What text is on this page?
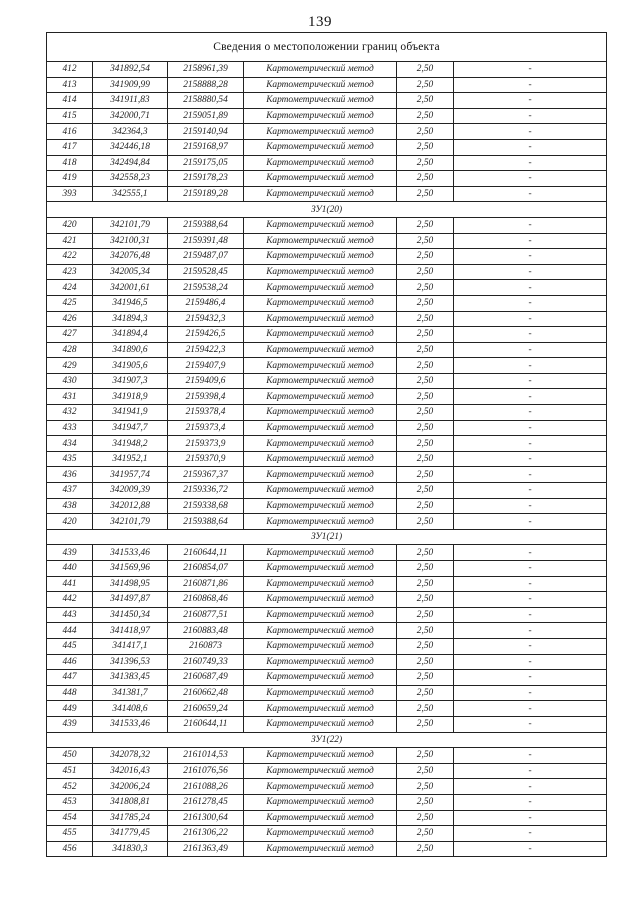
139
Сведения о местоположении границ объекта					
412	341892,54	2158961,39	Картометрический метод	2,50	-
413	341909,99	2158888,28	Картометрический метод	2,50	-
414	341911,83	2158880,54	Картометрический метод	2,50	-
415	342000,71	2159051,89	Картометрический метод	2,50	-
416	342364,3	2159140,94	Картометрический метод	2,50	-
417	342446,18	2159168,97	Картометрический метод	2,50	-
418	342494,84	2159175,05	Картометрический метод	2,50	-
419	342558,23	2159178,23	Картометрический метод	2,50	-
393	342555,1	2159189,28	Картометрический метод	2,50	-
ЗУ1(20)					
420	342101,79	2159388,64	Картометрический метод	2,50	-
421	342100,31	2159391,48	Картометрический метод	2,50	-
422	342076,48	2159487,07	Картометрический метод	2,50	-
423	342005,34	2159528,45	Картометрический метод	2,50	-
424	342001,61	2159538,24	Картометрический метод	2,50	-
425	341946,5	2159486,4	Картометрический метод	2,50	-
426	341894,3	2159432,3	Картометрический метод	2,50	-
427	341894,4	2159426,5	Картометрический метод	2,50	-
428	341890,6	2159422,3	Картометрический метод	2,50	-
429	341905,6	2159407,9	Картометрический метод	2,50	-
430	341907,3	2159409,6	Картометрический метод	2,50	-
431	341918,9	2159398,4	Картометрический метод	2,50	-
432	341941,9	2159378,4	Картометрический метод	2,50	-
433	341947,7	2159373,4	Картометрический метод	2,50	-
434	341948,2	2159373,9	Картометрический метод	2,50	-
435	341952,1	2159370,9	Картометрический метод	2,50	-
436	341957,74	2159367,37	Картометрический метод	2,50	-
437	342009,39	2159336,72	Картометрический метод	2,50	-
438	342012,88	2159338,68	Картометрический метод	2,50	-
420	342101,79	2159388,64	Картометрический метод	2,50	-
ЗУ1(21)					
439	341533,46	2160644,11	Картометрический метод	2,50	-
440	341569,96	2160854,07	Картометрический метод	2,50	-
441	341498,95	2160871,86	Картометрический метод	2,50	-
442	341497,87	2160868,46	Картометрический метод	2,50	-
443	341450,34	2160877,51	Картометрический метод	2,50	-
444	341418,97	2160883,48	Картометрический метод	2,50	-
445	341417,1	2160873	Картометрический метод	2,50	-
446	341396,53	2160749,33	Картометрический метод	2,50	-
447	341383,45	2160687,49	Картометрический метод	2,50	-
448	341381,7	2160662,48	Картометрический метод	2,50	-
449	341408,6	2160659,24	Картометрический метод	2,50	-
439	341533,46	2160644,11	Картометрический метод	2,50	-
ЗУ1(22)					
450	342078,32	2161014,53	Картометрический метод	2,50	-
451	342016,43	2161076,56	Картометрический метод	2,50	-
452	342006,24	2161088,26	Картометрический метод	2,50	-
453	341808,81	2161278,45	Картометрический метод	2,50	-
454	341785,24	2161300,64	Картометрический метод	2,50	-
455	341779,45	2161306,22	Картометрический метод	2,50	-
456	341830,3	2161363,49	Картометрический метод	2,50	-
